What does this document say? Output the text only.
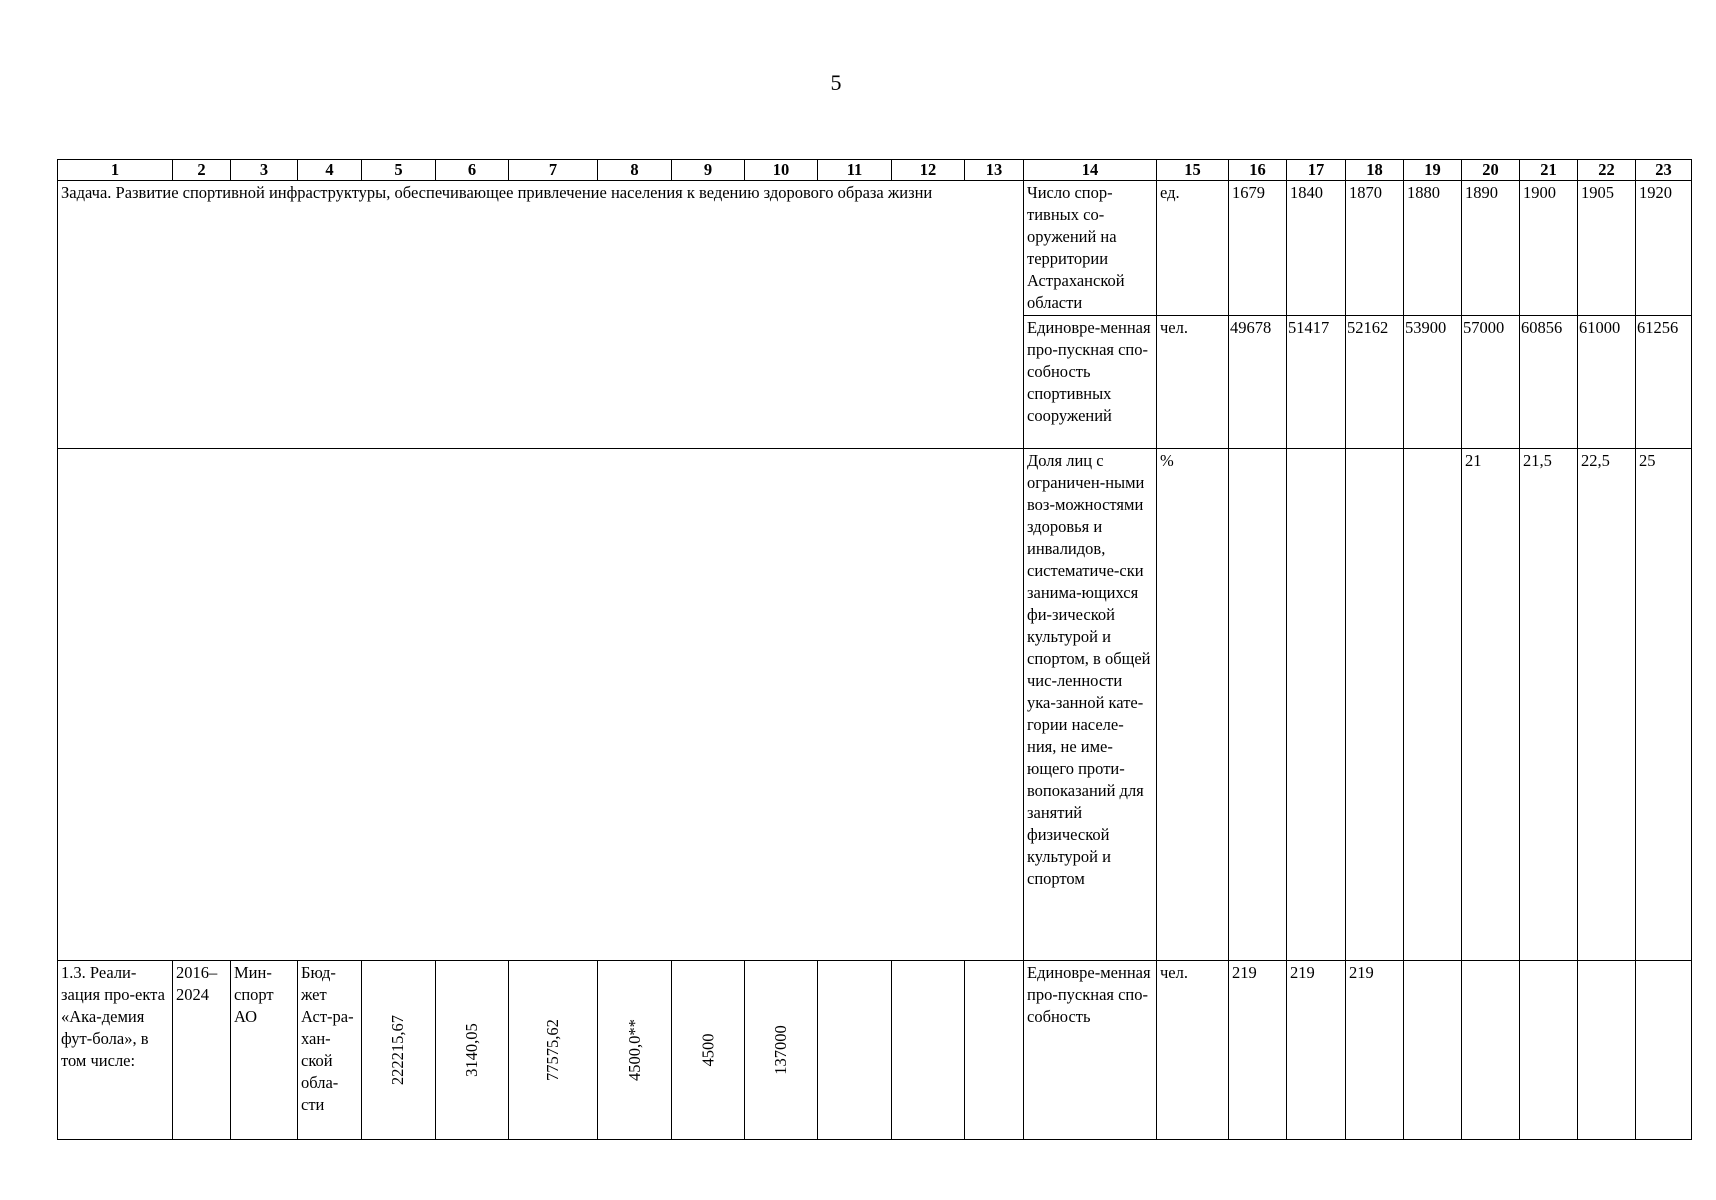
5
1	2	3	4	5	6	7	8	9	10	11	12	13	14	15	16	17	18	19	20	21	22	23
Задача. Развитие спортивной инфраструктуры, обеспечивающее привлечение населения к ведению здорового образа жизни													Число спор-тивных со-оружений на территории Астраханской области	ед.	1679	1840	1870	1880	1890	1900	1905	1920
													Единовре-менная про-пускная спо-собность спортивных сооружений	чел.	49678	51417	52162	53900	57000	60856	61000	61256
													Доля лиц с ограничен-ными воз-можностями здоровья и инвалидов, систематиче-ски занима-ющихся фи-зической культурой и спортом, в общей чис-ленности ука-занной кате-гории населе-ния, не име-ющего проти-вопоказаний для занятий физической культурой и спортом	%					21	21,5	22,5	25
1.3. Реали-зация про-екта «Ака-демия фут-бола», в том числе:	2016–2024	Мин-спорт АО	Бюд-жет Аст-ра-хан-ской обла-сти	222215,67	3140,05	77575,62	4500,0**	4500	137000				Единовре-менная про-пускная спо-собность	чел.	219	219	219					
